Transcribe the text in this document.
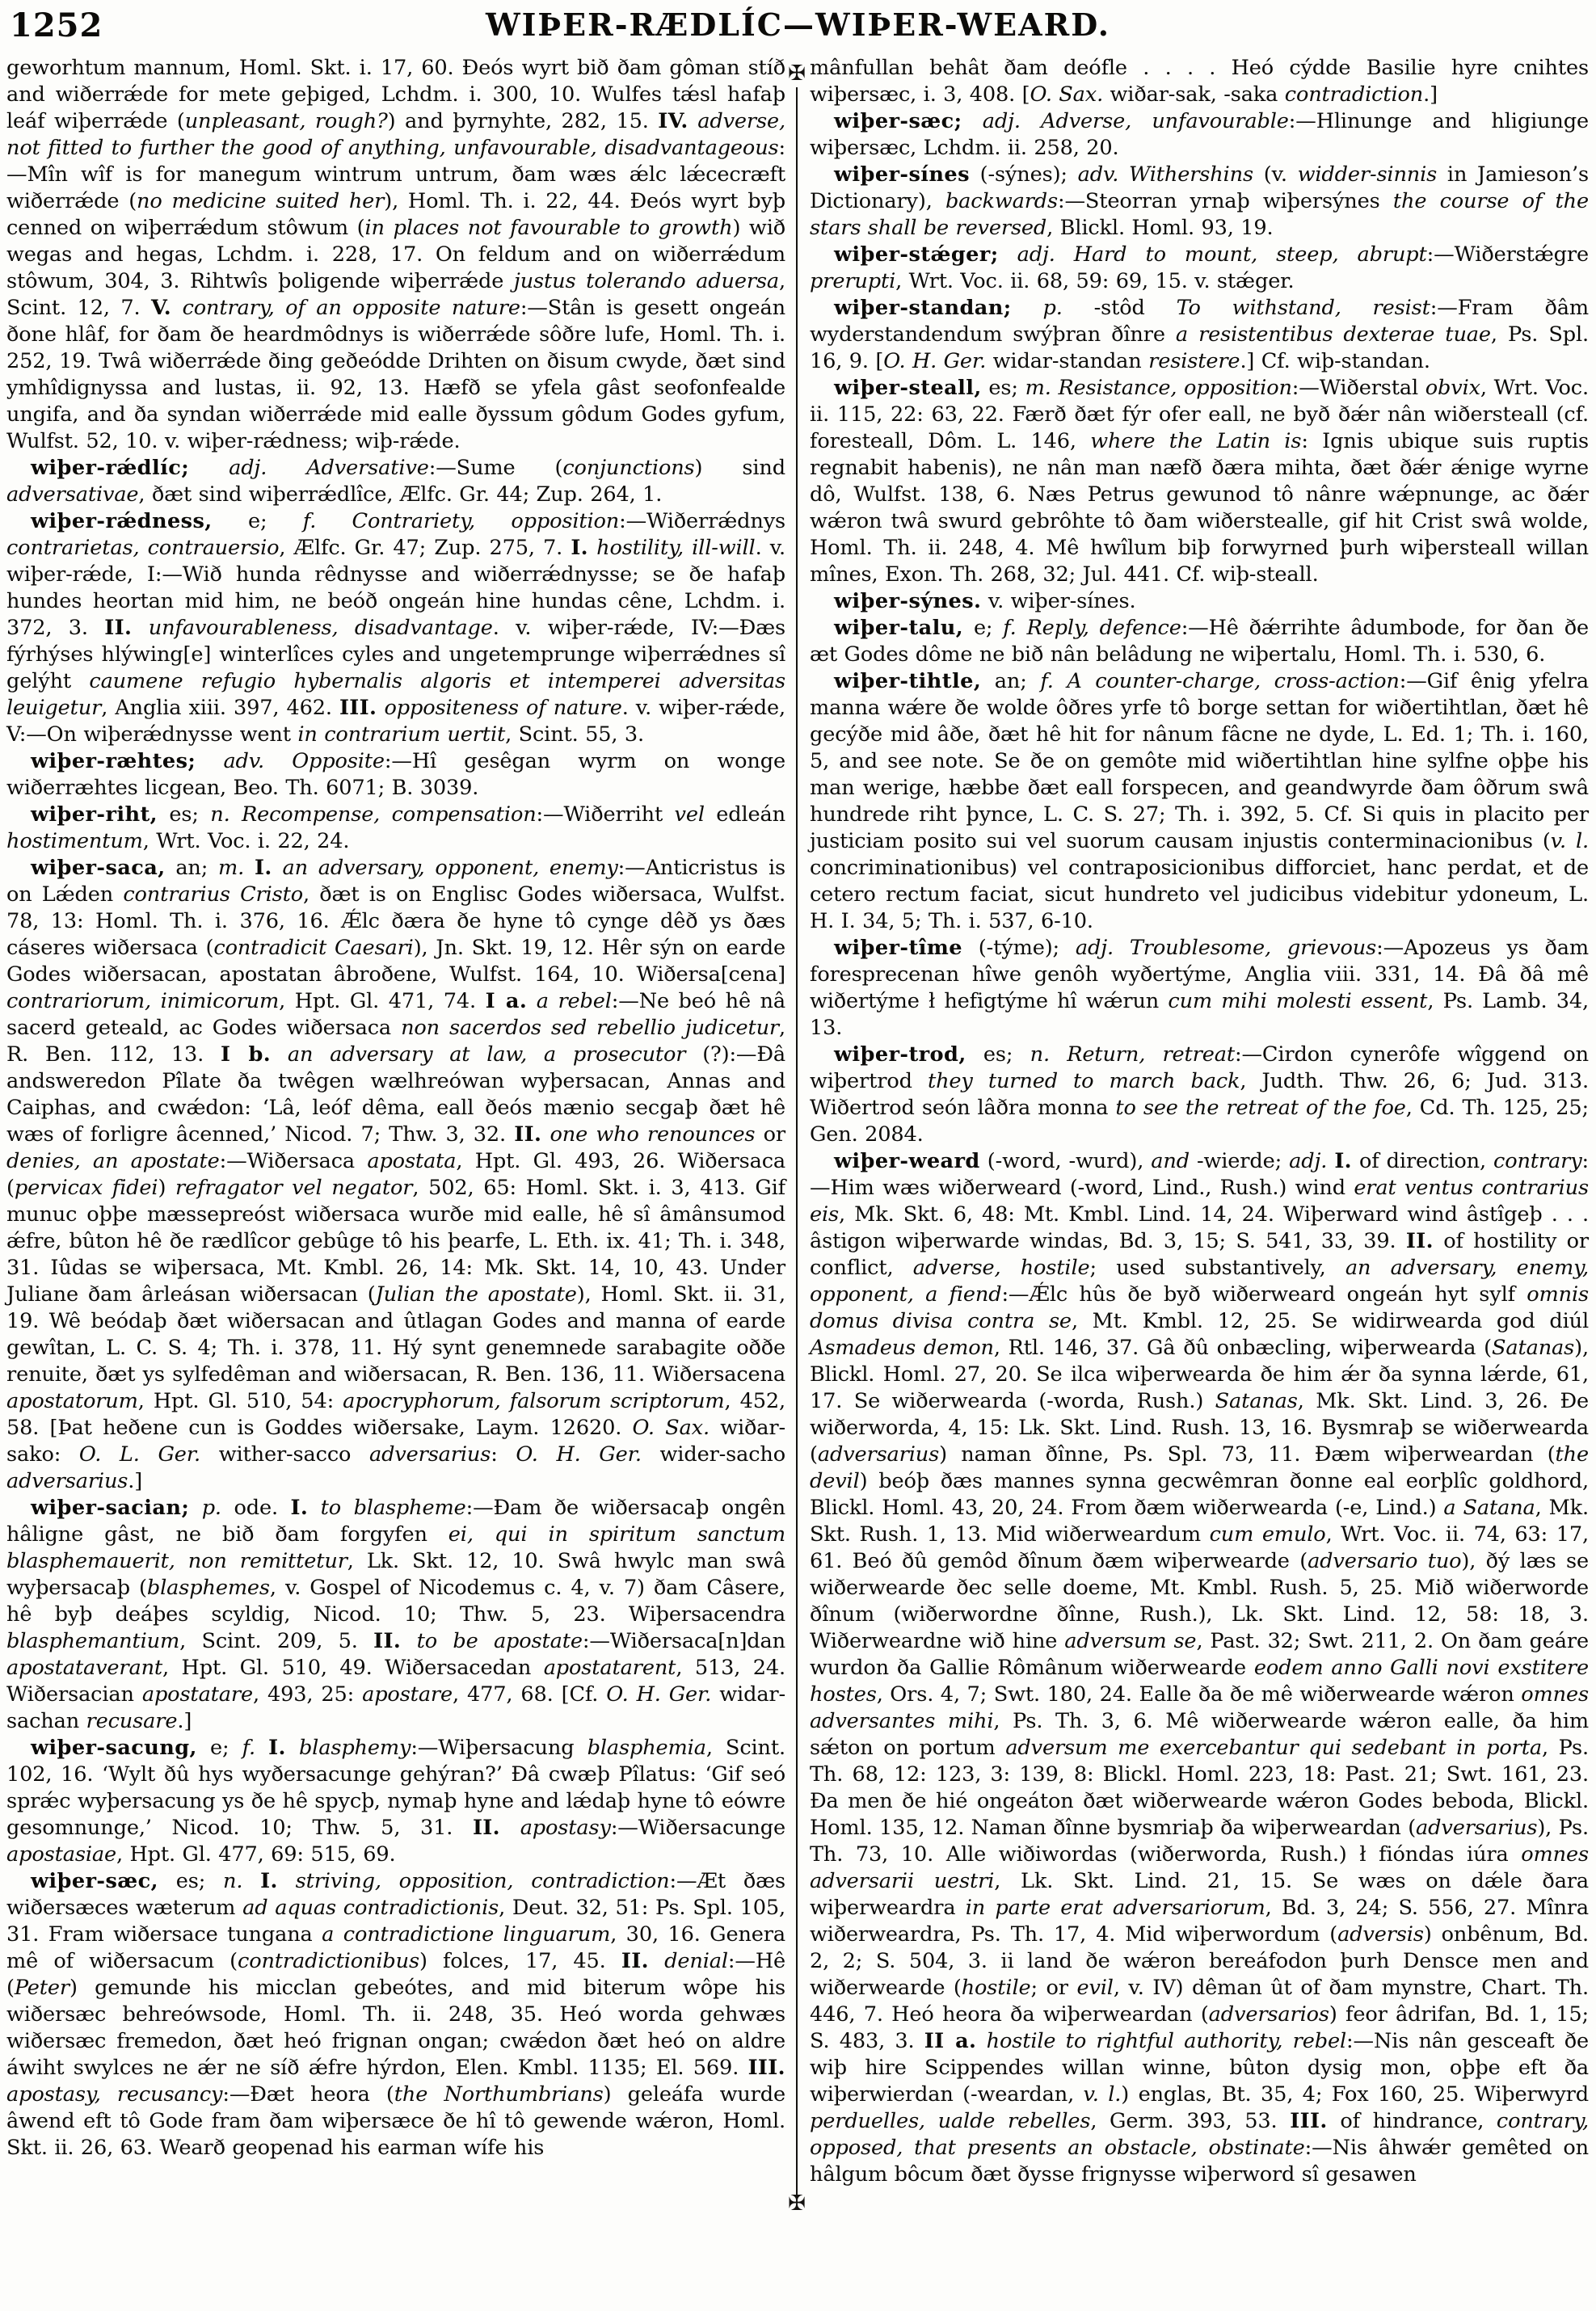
1252	WIÞER-RÆDLÍC—WIÞER-WEARD.
✠
✠

geworhtum mannum, Homl. Skt. i. 17, 60. Ðeós wyrt bið ðam gôman stíð and wiðerrǽde for mete geþiged, Lchdm. i. 300, 10. Wulfes tǽsl hafaþ leáf wiþerrǽde (unpleasant, rough?) and þyrnyhte, 282, 15. IV. adverse, not fitted to further the good of anything, unfavourable, disadvantageous:—Mîn wîf is for manegum wintrum untrum, ðam wæs ǽlc lǽcecræft wiðerrǽde (no medicine suited her), Homl. Th. i. 22, 44. Ðeós wyrt byþ cenned on wiþerrǽdum stôwum (in places not favourable to growth) wið wegas and hegas, Lchdm. i. 228, 17. On feldum and on wiðerrǽdum stôwum, 304, 3. Rihtwîs þoligende wiþerrǽde justus tolerando aduersa, Scint. 12, 7. V. contrary, of an opposite nature:—Stân is gesett ongeán ðone hlâf, for ðam ðe heardmôdnys is wiðerrǽde sôðre lufe, Homl. Th. i. 252, 19. Twâ wiðerrǽde ðing geðeódde Drihten on ðisum cwyde, ðæt sind ymhîdignyssa and lustas, ii. 92, 13. Hæfð se yfela gâst seofonfealde ungifa, and ða syndan wiðerrǽde mid ealle ðyssum gôdum Godes gyfum, Wulfst. 52, 10. v. wiþer-rǽdness; wiþ-rǽde.

wiþer-rǽdlíc; adj. Adversative:—Sume (conjunctions) sind adversativae, ðæt sind wiþerrǽdlîce, Ælfc. Gr. 44; Zup. 264, 1.

wiþer-rǽdness, e; f. Contrariety, opposition:—Wiðerrǽdnys contrarietas, contrauersio, Ælfc. Gr. 47; Zup. 275, 7. I. hostility, ill-will. v. wiþer-rǽde, I:—Wið hunda rêdnysse and wiðerrǽdnysse; se ðe hafaþ hundes heortan mid him, ne beóð ongeán hine hundas cêne, Lchdm. i. 372, 3. II. unfavourableness, disadvantage. v. wiþer-rǽde, IV:—Ðæs fýrhýses hlýwing[e] winterlîces cyles and ungetemprunge wiþerrǽdnes sî gelýht caumene refugio hybernalis algoris et intemperei adversitas leuigetur, Anglia xiii. 397, 462. III. oppositeness of nature. v. wiþer-rǽde, V:—On wiþerǽdnysse went in contrarium uertit, Scint. 55, 3.

wiþer-ræhtes; adv. Opposite:—Hî gesêgan wyrm on wonge wiðerræhtes licgean, Beo. Th. 6071; B. 3039.

wiþer-riht, es; n. Recompense, compensation:—Wiðerriht vel edleán hostimentum, Wrt. Voc. i. 22, 24.

wiþer-saca, an; m. I. an adversary, opponent, enemy:—Anticristus is on Lǽden contrarius Cristo, ðæt is on Englisc Godes wiðersaca, Wulfst. 78, 13: Homl. Th. i. 376, 16. Ǽlc ðæra ðe hyne tô cynge dêð ys ðæs cáseres wiðersaca (contradicit Caesari), Jn. Skt. 19, 12. Hêr sýn on earde Godes wiðersacan, apostatan âbroðene, Wulfst. 164, 10. Wiðersa[cena] contrariorum, inimicorum, Hpt. Gl. 471, 74. I a. a rebel:—Ne beó hê nâ sacerd geteald, ac Godes wiðersaca non sacerdos sed rebellio judicetur, R. Ben. 112, 13. I b. an adversary at law, a prosecutor (?):—Ðâ andsweredon Pîlate ða twêgen wælhreówan wyþersacan, Annas and Caiphas, and cwǽdon: ‘Lâ, leóf dêma, eall ðeós mænio secgaþ ðæt hê wæs of forligre âcenned,’ Nicod. 7; Thw. 3, 32. II. one who renounces or denies, an apostate:—Wiðersaca apostata, Hpt. Gl. 493, 26. Wiðersaca (pervicax fidei) refragator vel negator, 502, 65: Homl. Skt. i. 3, 413. Gif munuc oþþe mæssepreóst wiðersaca wurðe mid ealle, hê sî âmânsumod ǽfre, bûton hê ðe rædlîcor gebûge tô his þearfe, L. Eth. ix. 41; Th. i. 348, 31. Iûdas se wiþersaca, Mt. Kmbl. 26, 14: Mk. Skt. 14, 10, 43. Under Juliane ðam ârleásan wiðersacan (Julian the apostate), Homl. Skt. ii. 31, 19. Wê beódaþ ðæt wiðersacan and ûtlagan Godes and manna of earde gewîtan, L. C. S. 4; Th. i. 378, 11. Hý synt genemnede sarabagite oððe renuite, ðæt ys sylfedêman and wiðersacan, R. Ben. 136, 11. Wiðersacena apostatorum, Hpt. Gl. 510, 54: apocryphorum, falsorum scriptorum, 452, 58. [Þat heðene cun is Goddes wiðersake, Laym. 12620. O. Sax. wiðar-sako: O. L. Ger. wither-sacco adversarius: O. H. Ger. wider-sacho adversarius.]

wiþer-sacian; p. ode. I. to blaspheme:—Ðam ðe wiðersacaþ ongên hâligne gâst, ne bið ðam forgyfen ei, qui in spiritum sanctum blasphemauerit, non remittetur, Lk. Skt. 12, 10. Swâ hwylc man swâ wyþersacaþ (blasphemes, v. Gospel of Nicodemus c. 4, v. 7) ðam Câsere, hê byþ deáþes scyldig, Nicod. 10; Thw. 5, 23. Wiþersacendra blasphemantium, Scint. 209, 5. II. to be apostate:—Wiðersaca[n]dan apostataverant, Hpt. Gl. 510, 49. Wiðersacedan apostatarent, 513, 24. Wiðersacian apostatare, 493, 25: apostare, 477, 68. [Cf. O. H. Ger. widar-sachan recusare.]

wiþer-sacung, e; f. I. blasphemy:—Wiþersacung blasphemia, Scint. 102, 16. ‘Wylt ðû hys wyðersacunge gehýran?’ Ðâ cwæþ Pîlatus: ‘Gif seó sprǽc wyþersacung ys ðe hê spycþ, nymaþ hyne and lǽdaþ hyne tô eówre gesomnunge,’ Nicod. 10; Thw. 5, 31. II. apostasy:—Wiðersacunge apostasiae, Hpt. Gl. 477, 69: 515, 69.

wiþer-sæc, es; n. I. striving, opposition, contradiction:—Æt ðæs wiðersæces wæterum ad aquas contradictionis, Deut. 32, 51: Ps. Spl. 105, 31. Fram wiðersace tungana a contradictione linguarum, 30, 16. Genera mê of wiðersacum (contradictionibus) folces, 17, 45. II. denial:—Hê (Peter) gemunde his micclan gebeótes, and mid biterum wôpe his wiðersæc behreówsode, Homl. Th. ii. 248, 35. Heó worda gehwæs wiðersæc fremedon, ðæt heó frignan ongan; cwǽdon ðæt heó on aldre áwiht swylces ne ǽr ne síð ǽfre hýrdon, Elen. Kmbl. 1135; El. 569. III. apostasy, recusancy:—Ðæt heora (the Northumbrians) geleáfa wurde âwend eft tô Gode fram ðam wiþersæce ðe hî tô gewende wǽron, Homl. Skt. ii. 26, 63. Wearð geopenad his earman wífe his

mânfullan behât ðam deófle . . . . Heó cýdde Basilie hyre cnihtes wiþersæc, i. 3, 408. [O. Sax. wiðar-sak, -saka contradiction.]

wiþer-sæc; adj. Adverse, unfavourable:—Hlinunge and hligiunge wiþersæc, Lchdm. ii. 258, 20.

wiþer-sínes (-sýnes); adv. Withershins (v. widder-sinnis in Jamieson’s Dictionary), backwards:—Steorran yrnaþ wiþersýnes the course of the stars shall be reversed, Blickl. Homl. 93, 19.

wiþer-stǽger; adj. Hard to mount, steep, abrupt:—Wiðerstǽgre prerupti, Wrt. Voc. ii. 68, 59: 69, 15. v. stǽger.

wiþer-standan; p. -stôd To withstand, resist:—Fram ðâm wyderstandendum swýþran ðînre a resistentibus dexterae tuae, Ps. Spl. 16, 9. [O. H. Ger. widar-standan resistere.] Cf. wiþ-standan.

wiþer-steall, es; m. Resistance, opposition:—Wiðerstal obvix, Wrt. Voc. ii. 115, 22: 63, 22. Færð ðæt fýr ofer eall, ne byð ðǽr nân wiðersteall (cf. foresteall, Dôm. L. 146, where the Latin is: Ignis ubique suis ruptis regnabit habenis), ne nân man næfð ðæra mihta, ðæt ðǽr ǽnige wyrne dô, Wulfst. 138, 6. Næs Petrus gewunod tô nânre wǽpnunge, ac ðǽr wǽron twâ swurd gebrôhte tô ðam wiðerstealle, gif hit Crist swâ wolde, Homl. Th. ii. 248, 4. Mê hwîlum biþ forwyrned þurh wiþersteall willan mînes, Exon. Th. 268, 32; Jul. 441. Cf. wiþ-steall.

wiþer-sýnes. v. wiþer-sínes.

wiþer-talu, e; f. Reply, defence:—Hê ðǽrrihte âdumbode, for ðan ðe æt Godes dôme ne bið nân belâdung ne wiþertalu, Homl. Th. i. 530, 6.

wiþer-tihtle, an; f. A counter-charge, cross-action:—Gif ênig yfelra manna wǽre ðe wolde ôðres yrfe tô borge settan for wiðertihtlan, ðæt hê gecýðe mid âðe, ðæt hê hit for nânum fâcne ne dyde, L. Ed. 1; Th. i. 160, 5, and see note. Se ðe on gemôte mid wiðertihtlan hine sylfne oþþe his man werige, hæbbe ðæt eall forspecen, and geandwyrde ðam ôðrum swâ hundrede riht þynce, L. C. S. 27; Th. i. 392, 5. Cf. Si quis in placito per justiciam posito sui vel suorum causam injustis conterminacionibus (v. l. concriminationibus) vel contraposicionibus difforciet, hanc perdat, et de cetero rectum faciat, sicut hundreto vel judicibus videbitur ydoneum, L. H. I. 34, 5; Th. i. 537, 6-10.

wiþer-tîme (-týme); adj. Troublesome, grievous:—Apozeus ys ðam foresprecenan hîwe genôh wyðertýme, Anglia viii. 331, 14. Ðâ ðâ mê wiðertýme ł hefigtýme hî wǽrun cum mihi molesti essent, Ps. Lamb. 34, 13.

wiþer-trod, es; n. Return, retreat:—Cirdon cynerôfe wîggend on wiþertrod they turned to march back, Judth. Thw. 26, 6; Jud. 313. Wiðertrod seón lâðra monna to see the retreat of the foe, Cd. Th. 125, 25; Gen. 2084.

wiþer-weard (-word, -wurd), and -wierde; adj. I. of direction, contrary:—Him wæs wiðerweard (-word, Lind., Rush.) wind erat ventus contrarius eis, Mk. Skt. 6, 48: Mt. Kmbl. Lind. 14, 24. Wiþerward wind âstîgeþ . . . âstigon wiþerwarde windas, Bd. 3, 15; S. 541, 33, 39. II. of hostility or conflict, adverse, hostile; used substantively, an adversary, enemy, opponent, a fiend:—Ǽlc hûs ðe byð wiðerweard ongeán hyt sylf omnis domus divisa contra se, Mt. Kmbl. 12, 25. Se widirwearda god diúl Asmadeus demon, Rtl. 146, 37. Gâ ðû onbæcling, wiþerwearda (Satanas), Blickl. Homl. 27, 20. Se ilca wiþerwearda ðe him ǽr ða synna lǽrde, 61, 17. Se wiðerwearda (-worda, Rush.) Satanas, Mk. Skt. Lind. 3, 26. Ðe wiðerworda, 4, 15: Lk. Skt. Lind. Rush. 13, 16. Bysmraþ se wiðerwearda (adversarius) naman ðînne, Ps. Spl. 73, 11. Ðæm wiþerweardan (the devil) beóþ ðæs mannes synna gecwêmran ðonne eal eorþlîc goldhord, Blickl. Homl. 43, 20, 24. From ðæm wiðerwearda (-e, Lind.) a Satana, Mk. Skt. Rush. 1, 13. Mid wiðerweardum cum emulo, Wrt. Voc. ii. 74, 63: 17, 61. Beó ðû gemôd ðînum ðæm wiþerwearde (adversario tuo), ðý læs se wiðerwearde ðec selle doeme, Mt. Kmbl. Rush. 5, 25. Mið wiðerworde ðînum (wiðerwordne ðînne, Rush.), Lk. Skt. Lind. 12, 58: 18, 3. Wiðerweardne wið hine adversum se, Past. 32; Swt. 211, 2. On ðam geáre wurdon ða Gallie Rômânum wiðerwearde eodem anno Galli novi exstitere hostes, Ors. 4, 7; Swt. 180, 24. Ealle ða ðe mê wiðerwearde wǽron omnes adversantes mihi, Ps. Th. 3, 6. Mê wiðerwearde wǽron ealle, ða him sǽton on portum adversum me exercebantur qui sedebant in porta, Ps. Th. 68, 12: 123, 3: 139, 8: Blickl. Homl. 223, 18: Past. 21; Swt. 161, 23. Ða men ðe hié ongeáton ðæt wiðerwearde wǽron Godes beboda, Blickl. Homl. 135, 12. Naman ðînne bysmriaþ ða wiþerweardan (adversarius), Ps. Th. 73, 10. Alle wiðiwordas (wiðerworda, Rush.) ł fióndas iúra omnes adversarii uestri, Lk. Skt. Lind. 21, 15. Se wæs on dǽle ðara wiþerweardra in parte erat adversariorum, Bd. 3, 24; S. 556, 27. Mînra wiðerweardra, Ps. Th. 17, 4. Mid wiþerwordum (adversis) onbênum, Bd. 2, 2; S. 504, 3. ii land ðe wǽron bereáfodon þurh Densce men and wiðerwearde (hostile; or evil, v. IV) dêman ût of ðam mynstre, Chart. Th. 446, 7. Heó heora ða wiþerweardan (adversarios) feor âdrifan, Bd. 1, 15; S. 483, 3. II a. hostile to rightful authority, rebel:—Nis nân gesceaft ðe wiþ hire Scippendes willan winne, bûton dysig mon, oþþe eft ða wiþerwierdan (-weardan, v. l.) englas, Bt. 35, 4; Fox 160, 25. Wiþerwyrd perduelles, ualde rebelles, Germ. 393, 53. III. of hindrance, contrary, opposed, that presents an obstacle, obstinate:—Nis âhwǽr gemêted on hâlgum bôcum ðæt ðysse frignysse wiþerword sî gesawen
